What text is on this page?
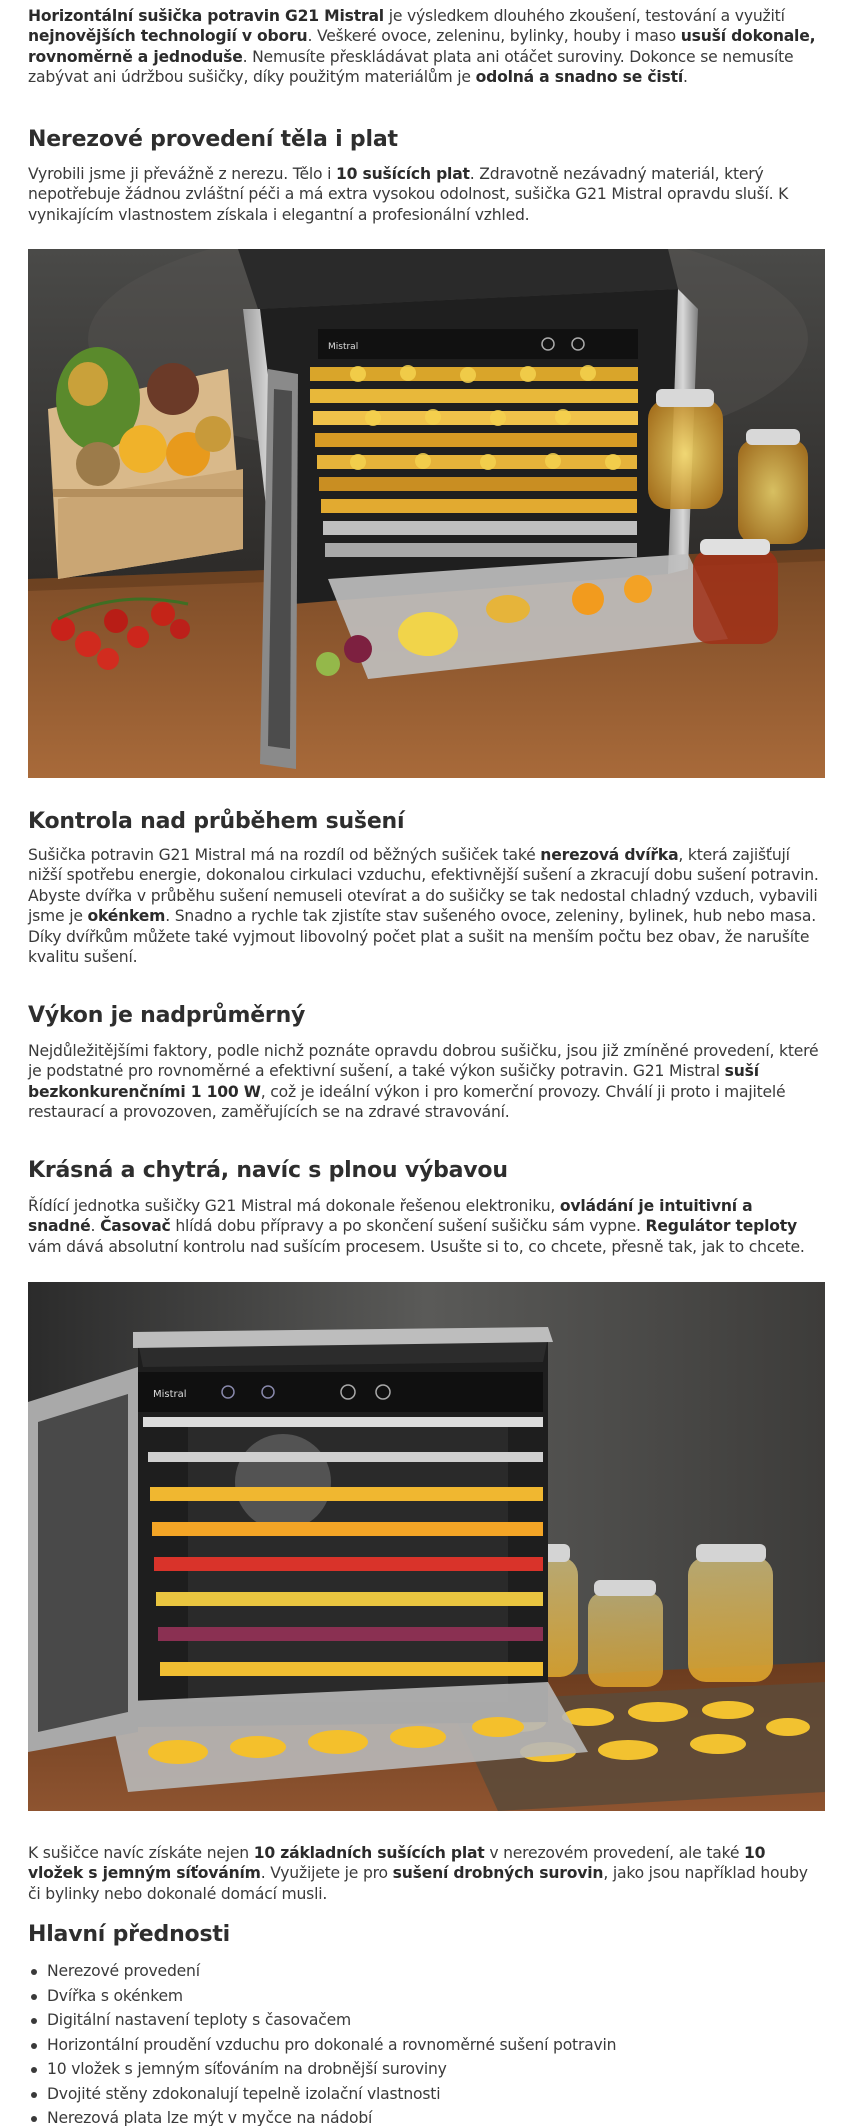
Horizontální sušička potravin G21 Mistral je výsledkem dlouhého zkoušení, testování a využití nejnovějších technologií v oboru. Veškeré ovoce, zeleninu, bylinky, houby i maso usuší dokonale, rovnoměrně a jednoduše. Nemusíte přeskládávat plata ani otáčet suroviny. Dokonce se nemusíte zabývat ani údržbou sušičky, díky použitým materiálům je odolná a snadno se čistí.

Nerezové provedení těla i plat

Vyrobili jsme ji převážně z nerezu. Tělo i 10 sušících plat. Zdravotně nezávadný materiál, který nepotřebuje žádnou zvláštní péči a má extra vysokou odolnost, sušička G21 Mistral opravdu sluší. K vynikajícím vlastnostem získala i elegantní a profesionální vzhled.

Mistral
Kontrola nad průběhem sušení

Sušička potravin G21 Mistral má na rozdíl od běžných sušiček také nerezová dvířka, která zajišťují nižší spotřebu energie, dokonalou cirkulaci vzduchu, efektivnější sušení a zkracují dobu sušení potravin. Abyste dvířka v průběhu sušení nemuseli otevírat a do sušičky se tak nedostal chladný vzduch, vybavili jsme je okénkem. Snadno a rychle tak zjistíte stav sušeného ovoce, zeleniny, bylinek, hub nebo masa. Díky dvířkům můžete také vyjmout libovolný počet plat a sušit na menším počtu bez obav, že narušíte kvalitu sušení.

Výkon je nadprůměrný

Nejdůležitějšími faktory, podle nichž poznáte opravdu dobrou sušičku, jsou již zmíněné provedení, které je podstatné pro rovnoměrné a efektivní sušení, a také výkon sušičky potravin. G21 Mistral suší bezkonkurenčními 1 100 W, což je ideální výkon i pro komerční provozy. Chválí ji proto i majitelé restaurací a provozoven, zaměřujících se na zdravé stravování.

Krásná a chytrá, navíc s plnou výbavou

Řídící jednotka sušičky G21 Mistral má dokonale řešenou elektroniku, ovládání je intuitivní a snadné. Časovač hlídá dobu přípravy a po skončení sušení sušičku sám vypne. Regulátor teploty vám dává absolutní kontrolu nad sušícím procesem. Usušte si to, co chcete, přesně tak, jak to chcete.

Mistral

K sušičce navíc získáte nejen 10 základních sušících plat v nerezovém provedení, ale také 10 vložek s jemným síťováním. Využijete je pro sušení drobných surovin, jako jsou například houby či bylinky nebo dokonalé domácí musli.

Hlavní přednosti
Nerezové provedení
Dvířka s okénkem
Digitální nastavení teploty s časovačem
Horizontální proudění vzduchu pro dokonalé a rovnoměrné sušení potravin
10 vložek s jemným síťováním na drobnější suroviny
Dvojité stěny zdokonalují tepelně izolační vlastnosti
Nerezová plata lze mýt v myčce na nádobí
